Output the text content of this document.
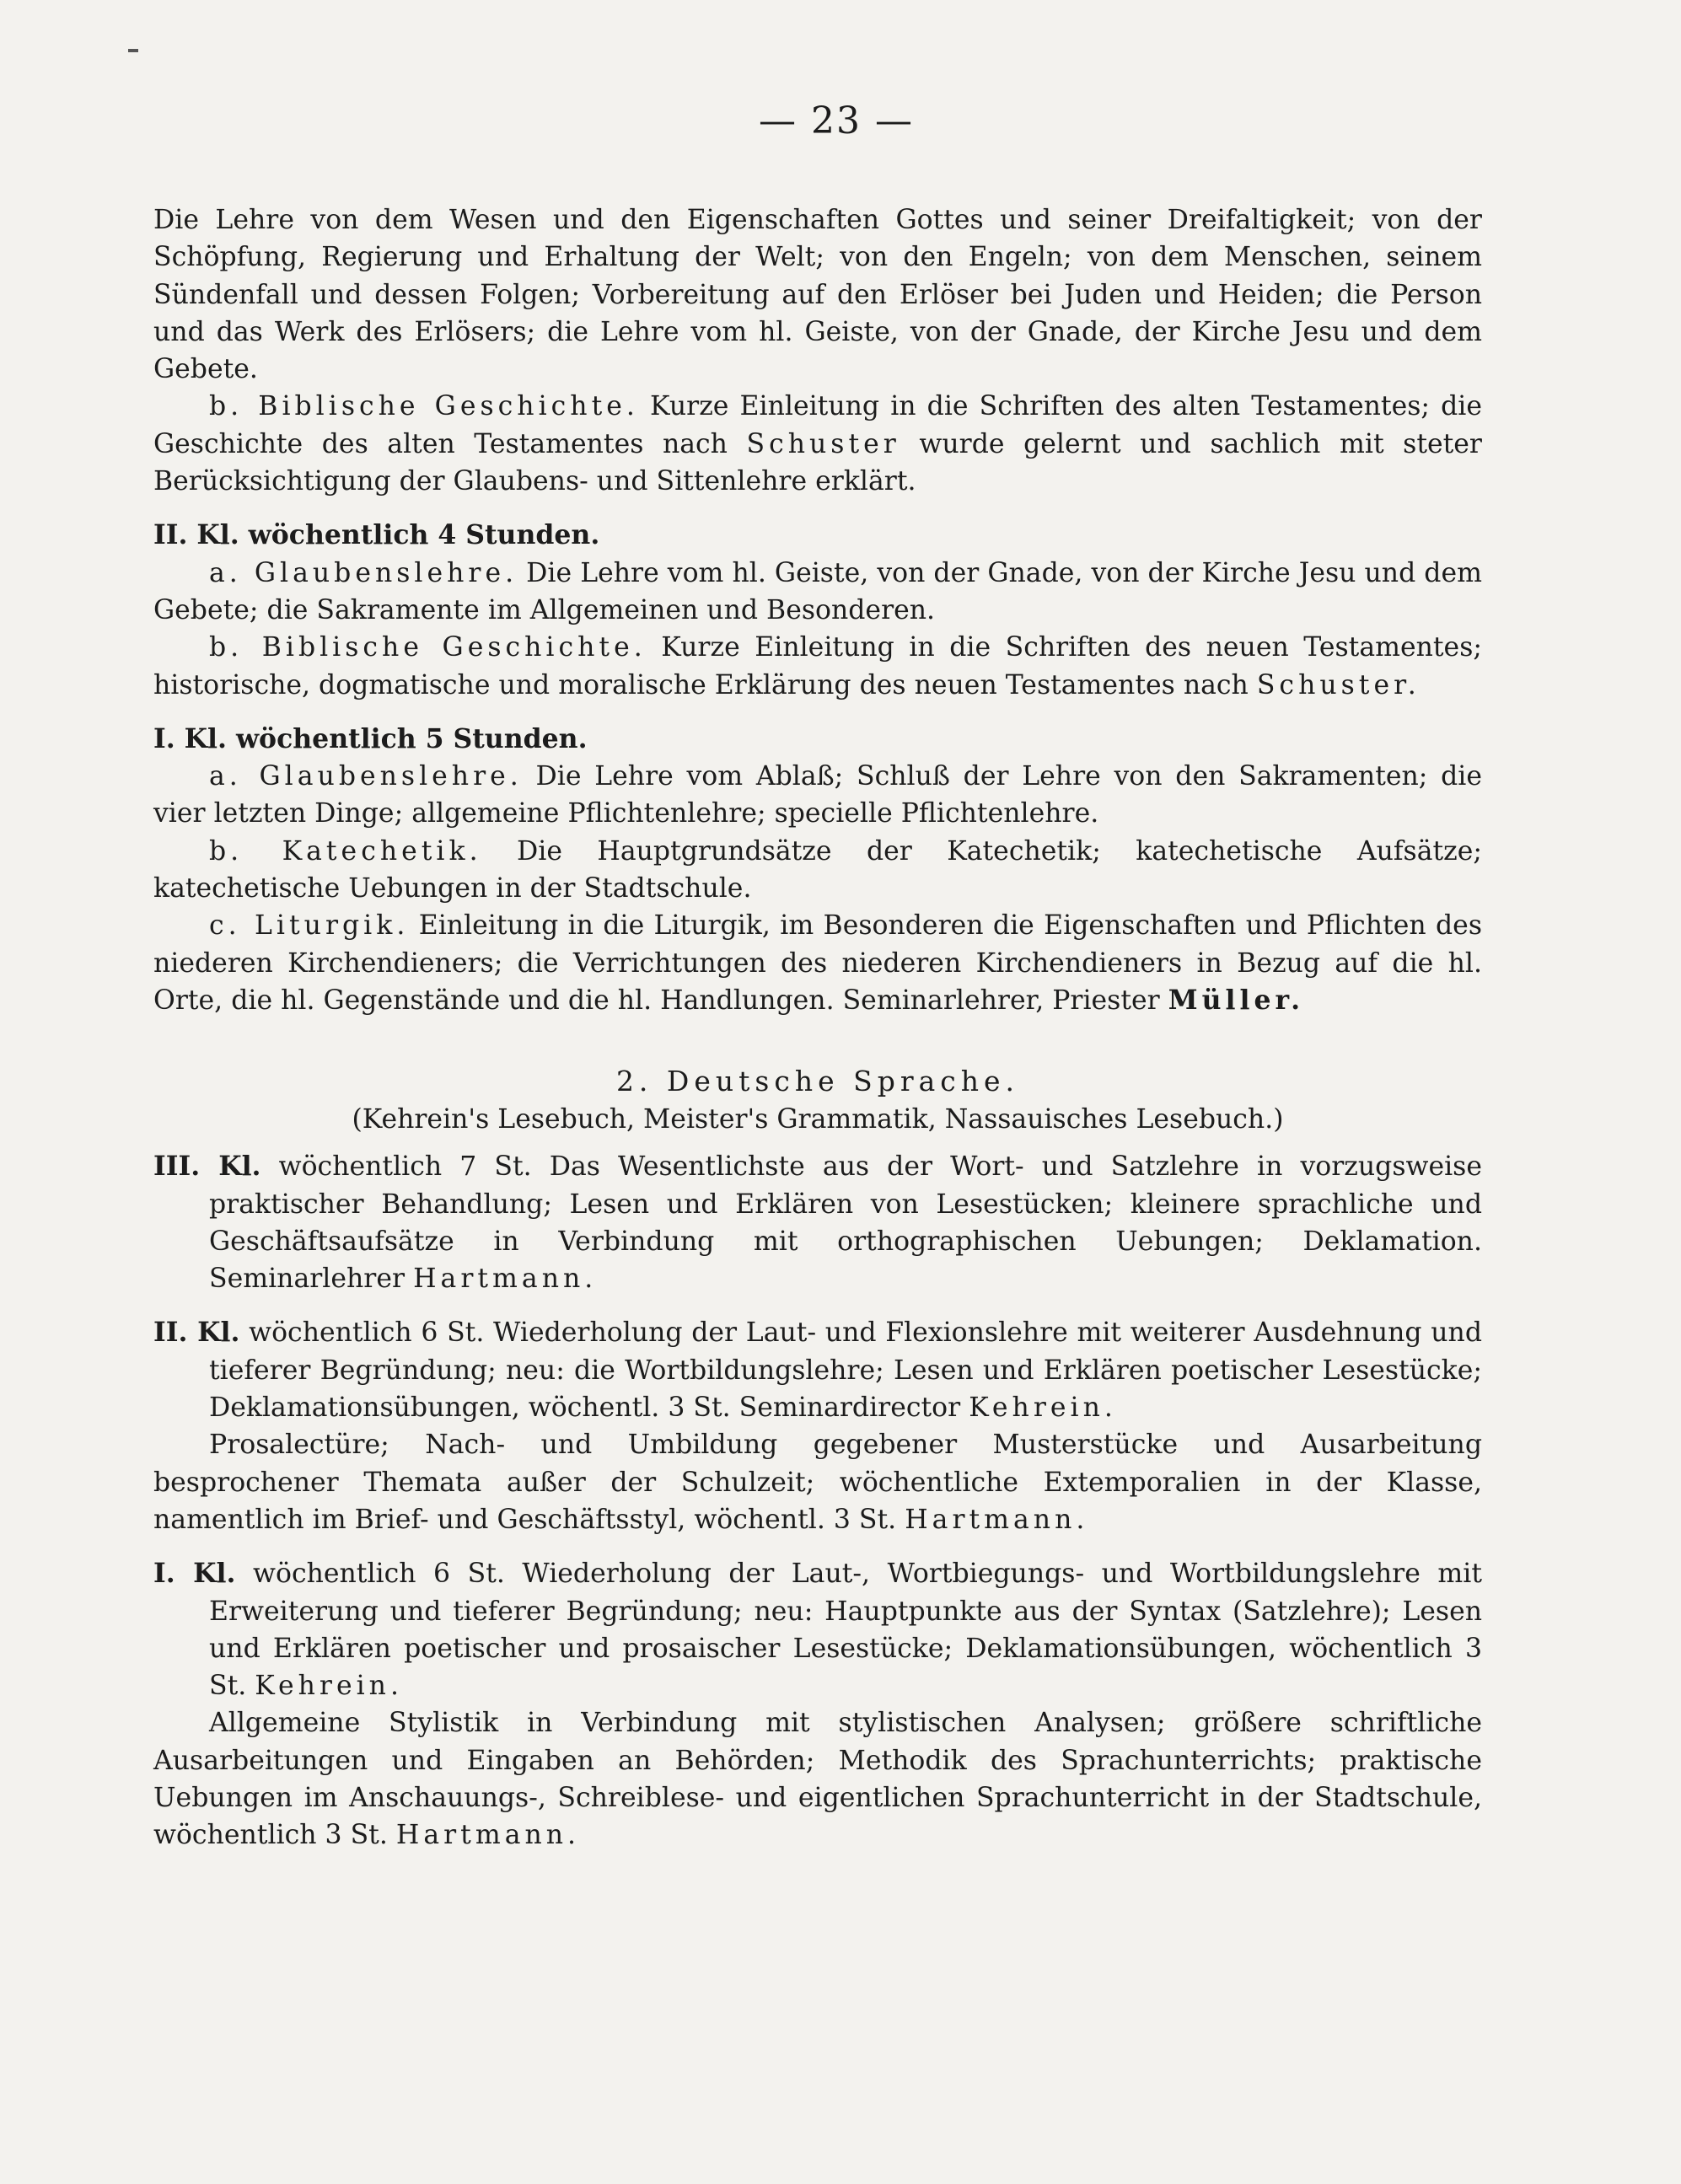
— 23 —

Die Lehre von dem Wesen und den Eigenschaften Gottes und seiner Dreifaltigkeit; von der Schöpfung, Regierung und Erhaltung der Welt; von den Engeln; von dem Menschen, seinem Sündenfall und dessen Folgen; Vorbereitung auf den Erlöser bei Juden und Heiden; die Person und das Werk des Erlösers; die Lehre vom hl. Geiste, von der Gnade, der Kirche Jesu und dem Gebete.

b. Biblische Geschichte. Kurze Einleitung in die Schriften des alten Testamentes; die Geschichte des alten Testamentes nach Schuster wurde gelernt und sachlich mit steter Berücksichtigung der Glaubens- und Sittenlehre erklärt.

II. Kl. wöchentlich 4 Stunden.

a. Glaubenslehre. Die Lehre vom hl. Geiste, von der Gnade, von der Kirche Jesu und dem Gebete; die Sakramente im Allgemeinen und Besonderen.

b. Biblische Geschichte. Kurze Einleitung in die Schriften des neuen Testamentes; historische, dogmatische und moralische Erklärung des neuen Testamentes nach Schuster.

I. Kl. wöchentlich 5 Stunden.

a. Glaubenslehre. Die Lehre vom Ablaß; Schluß der Lehre von den Sakramenten; die vier letzten Dinge; allgemeine Pflichtenlehre; specielle Pflichtenlehre.

b. Katechetik. Die Hauptgrundsätze der Katechetik; katechetische Aufsätze; katechetische Uebungen in der Stadtschule.

c. Liturgik. Einleitung in die Liturgik, im Besonderen die Eigenschaften und Pflichten des niederen Kirchendieners; die Verrichtungen des niederen Kirchendieners in Bezug auf die hl. Orte, die hl. Gegenstände und die hl. Handlungen. Seminarlehrer, Priester Müller.

2. Deutsche Sprache.
(Kehrein's Lesebuch, Meister's Grammatik, Nassauisches Lesebuch.)

III. Kl. wöchentlich 7 St. Das Wesentlichste aus der Wort- und Satzlehre in vorzugsweise praktischer Behandlung; Lesen und Erklären von Lesestücken; kleinere sprachliche und Geschäftsaufsätze in Verbindung mit orthographischen Uebungen; Deklamation. Seminarlehrer Hartmann.

II. Kl. wöchentlich 6 St. Wiederholung der Laut- und Flexionslehre mit weiterer Ausdehnung und tieferer Begründung; neu: die Wortbildungslehre; Lesen und Erklären poetischer Lesestücke; Deklamationsübungen, wöchentl. 3 St. Seminardirector Kehrein.

Prosalectüre; Nach- und Umbildung gegebener Musterstücke und Ausarbeitung besprochener Themata außer der Schulzeit; wöchentliche Extemporalien in der Klasse, namentlich im Brief- und Geschäftsstyl, wöchentl. 3 St. Hartmann.

I. Kl. wöchentlich 6 St. Wiederholung der Laut-, Wortbiegungs- und Wortbildungslehre mit Erweiterung und tieferer Begründung; neu: Hauptpunkte aus der Syntax (Satzlehre); Lesen und Erklären poetischer und prosaischer Lesestücke; Deklamationsübungen, wöchentlich 3 St. Kehrein.

Allgemeine Stylistik in Verbindung mit stylistischen Analysen; größere schriftliche Ausarbeitungen und Eingaben an Behörden; Methodik des Sprachunterrichts; praktische Uebungen im Anschauungs-, Schreiblese- und eigentlichen Sprachunterricht in der Stadtschule, wöchentlich 3 St. Hartmann.
